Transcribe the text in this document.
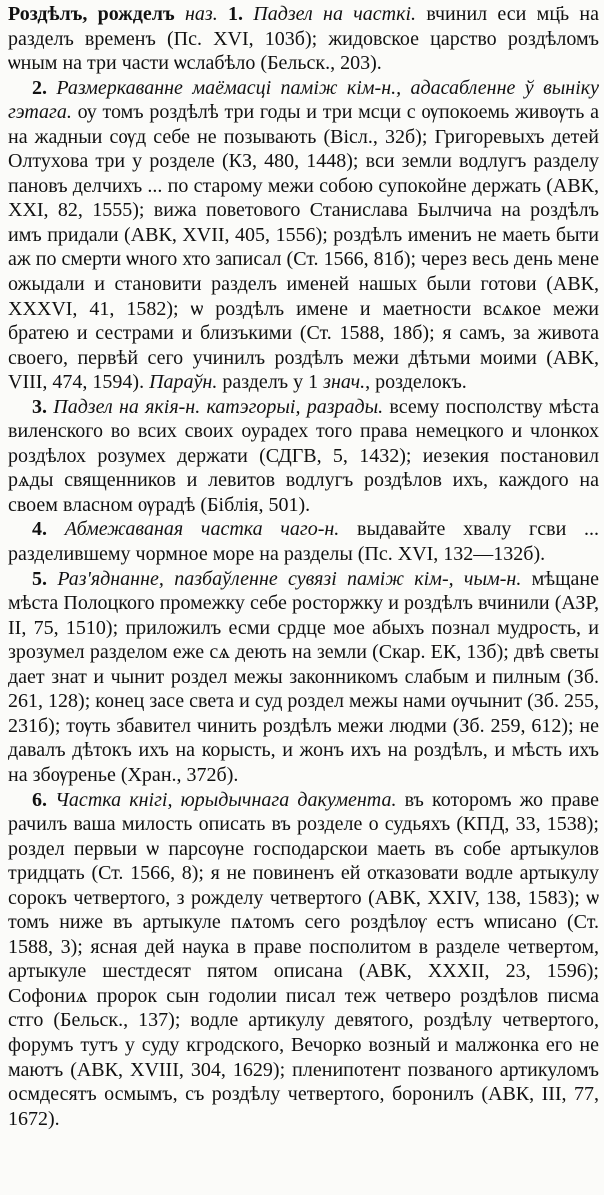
Роздѣлъ, рожделъ наз. 1. Падзел на часткі. вчинил еси мц҃ь на разделъ временъ (Пс. XVI, 103б); жидовское царство роздѣломъ ѡным на три части ѡслабѣло (Бельск., 203).

2. Размеркаванне маёмасці паміж кім-н., адасабленне ў выніку гэтага. оу томъ роздѣлѣ три годы и три мсци с ѹпокоемь живѹть а на жадныи сѹд себе не позывають (Вісл., 32б); Григоревыхъ детей Олтухова три у розделе (КЗ, 480, 1448); вси земли водлугъ разделу пановъ делчихъ ... по старому межи собою супокойне держать (АВК, XXI, 82, 1555); вижа поветового Станислава Былчича на роздѣлъ имъ придали (АВК, XVII, 405, 1556); роздѣлъ имениъ не маеть быти аж по смерти ѡного хто записал (Ст. 1566, 81б); через весь день мене ожыдали и становити разделъ именей нашых были готови (АВК, XXXVI, 41, 1582); ѡ роздѣлъ имене и маетности всѧкое межи братею и сестрами и близъкими (Ст. 1588, 18б); я самъ, за живота своего, первѣй сего учинилъ роздѣлъ межи дѣтьми моими (АВК, VIII, 474, 1594). Параўн. разделъ у 1 знач., розделокъ.

3. Падзел на якія-н. катэгорыі, разрады. всему посполству мѣста виленского во всих своих оурадех того права немецкого и члонкох роздѣлох розумех держати (СДГВ, 5, 1432); иезекия постановил рѧды священников и левитов водлугъ роздѣлов ихъ, каждого на своем власном ѹрадѣ (Біблія, 501).

4. Абмежаваная частка чаго-н. выдавайте хвалу гсви ... разделившему чормное море на разделы (Пс. XVI, 132—132б).

5. Раз'яднанне, пазбаўленне сувязі паміж кім-, чым-н. мѣщане мѣста Полоцкого промежку себе росторжку и роздѣлъ вчинили (АЗР, II, 75, 1510); приложилъ есми срдце мое абыхъ познал мудрость, и зрозумел разделом еже сѧ деють на земли (Скар. ЕК, 13б); двѣ светы дает знат и чынит роздел межы законникомъ слабым и пилным (Зб. 261, 128); конец засе света и суд роздел межы нами ѹчынит (Зб. 255, 231б); тѹть збавител чинить роздѣлъ межи людми (Зб. 259, 612); не давалъ дѣтокъ ихъ на корысть, и жонъ ихъ на роздѣлъ, и мѣсть ихъ на збѹренье (Хран., 372б).

6. Частка кнігі, юрыдычнага дакумента. въ которомъ жо праве рачилъ ваша милость описать въ розделе о судьяхъ (КПД, 33, 1538); роздел первыи ѡ парсѹне господарскои маеть въ собе артыкулов тридцать (Ст. 1566, 8); я не повиненъ ей отказовати водле артыкулу сорокъ четвертого, з рожделу четвертого (АВК, XXIV, 138, 1583); ѡ томъ ниже въ артыкуле пѧтомъ сего роздѣлѹ естъ ѡписано (Ст. 1588, 3); ясная дей наука в праве посполитом в разделе четвертом, артыкуле шестдесят пятом описана (АВК, XXXII, 23, 1596); Софониѧ пророк сын годолии писал теж четверо роздѣлов писма стго (Бельск., 137); водле артикулу девятого, роздѣлу четвертого, форумъ тутъ у суду кгродского, Вечорко возный и малжонка его не маютъ (АВК, XVIII, 304, 1629); пленипотент позваного артикуломъ осмдесятъ осмымъ, съ роздѣлу четвертого, боронилъ (АВК, III, 77, 1672).
